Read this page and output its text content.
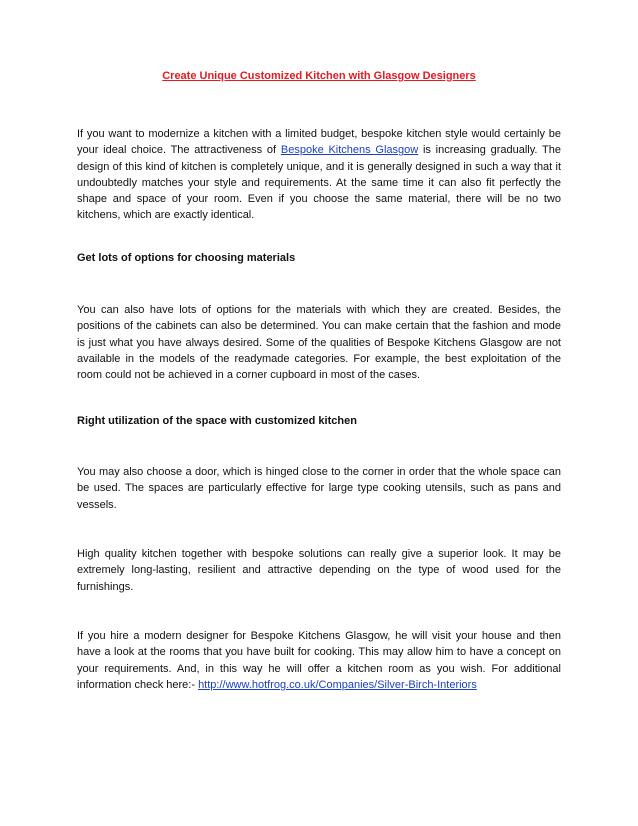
Create Unique Customized Kitchen with Glasgow Designers
If you want to modernize a kitchen with a limited budget, bespoke kitchen style would certainly be your ideal choice. The attractiveness of Bespoke Kitchens Glasgow is increasing gradually. The design of this kind of kitchen is completely unique, and it is generally designed in such a way that it undoubtedly matches your style and requirements. At the same time it can also fit perfectly the shape and space of your room. Even if you choose the same material, there will be no two kitchens, which are exactly identical.
Get lots of options for choosing materials
You can also have lots of options for the materials with which they are created. Besides, the positions of the cabinets can also be determined. You can make certain that the fashion and mode is just what you have always desired. Some of the qualities of Bespoke Kitchens Glasgow are not available in the models of the readymade categories. For example, the best exploitation of the room could not be achieved in a corner cupboard in most of the cases.
Right utilization of the space with customized kitchen
You may also choose a door, which is hinged close to the corner in order that the whole space can be used. The spaces are particularly effective for large type cooking utensils, such as pans and vessels.
High quality kitchen together with bespoke solutions can really give a superior look. It may be extremely long-lasting, resilient and attractive depending on the type of wood used for the furnishings.
If you hire a modern designer for Bespoke Kitchens Glasgow, he will visit your house and then have a look at the rooms that you have built for cooking. This may allow him to have a concept on your requirements. And, in this way he will offer a kitchen room as you wish. For additional information check here:- http://www.hotfrog.co.uk/Companies/Silver-Birch-Interiors
